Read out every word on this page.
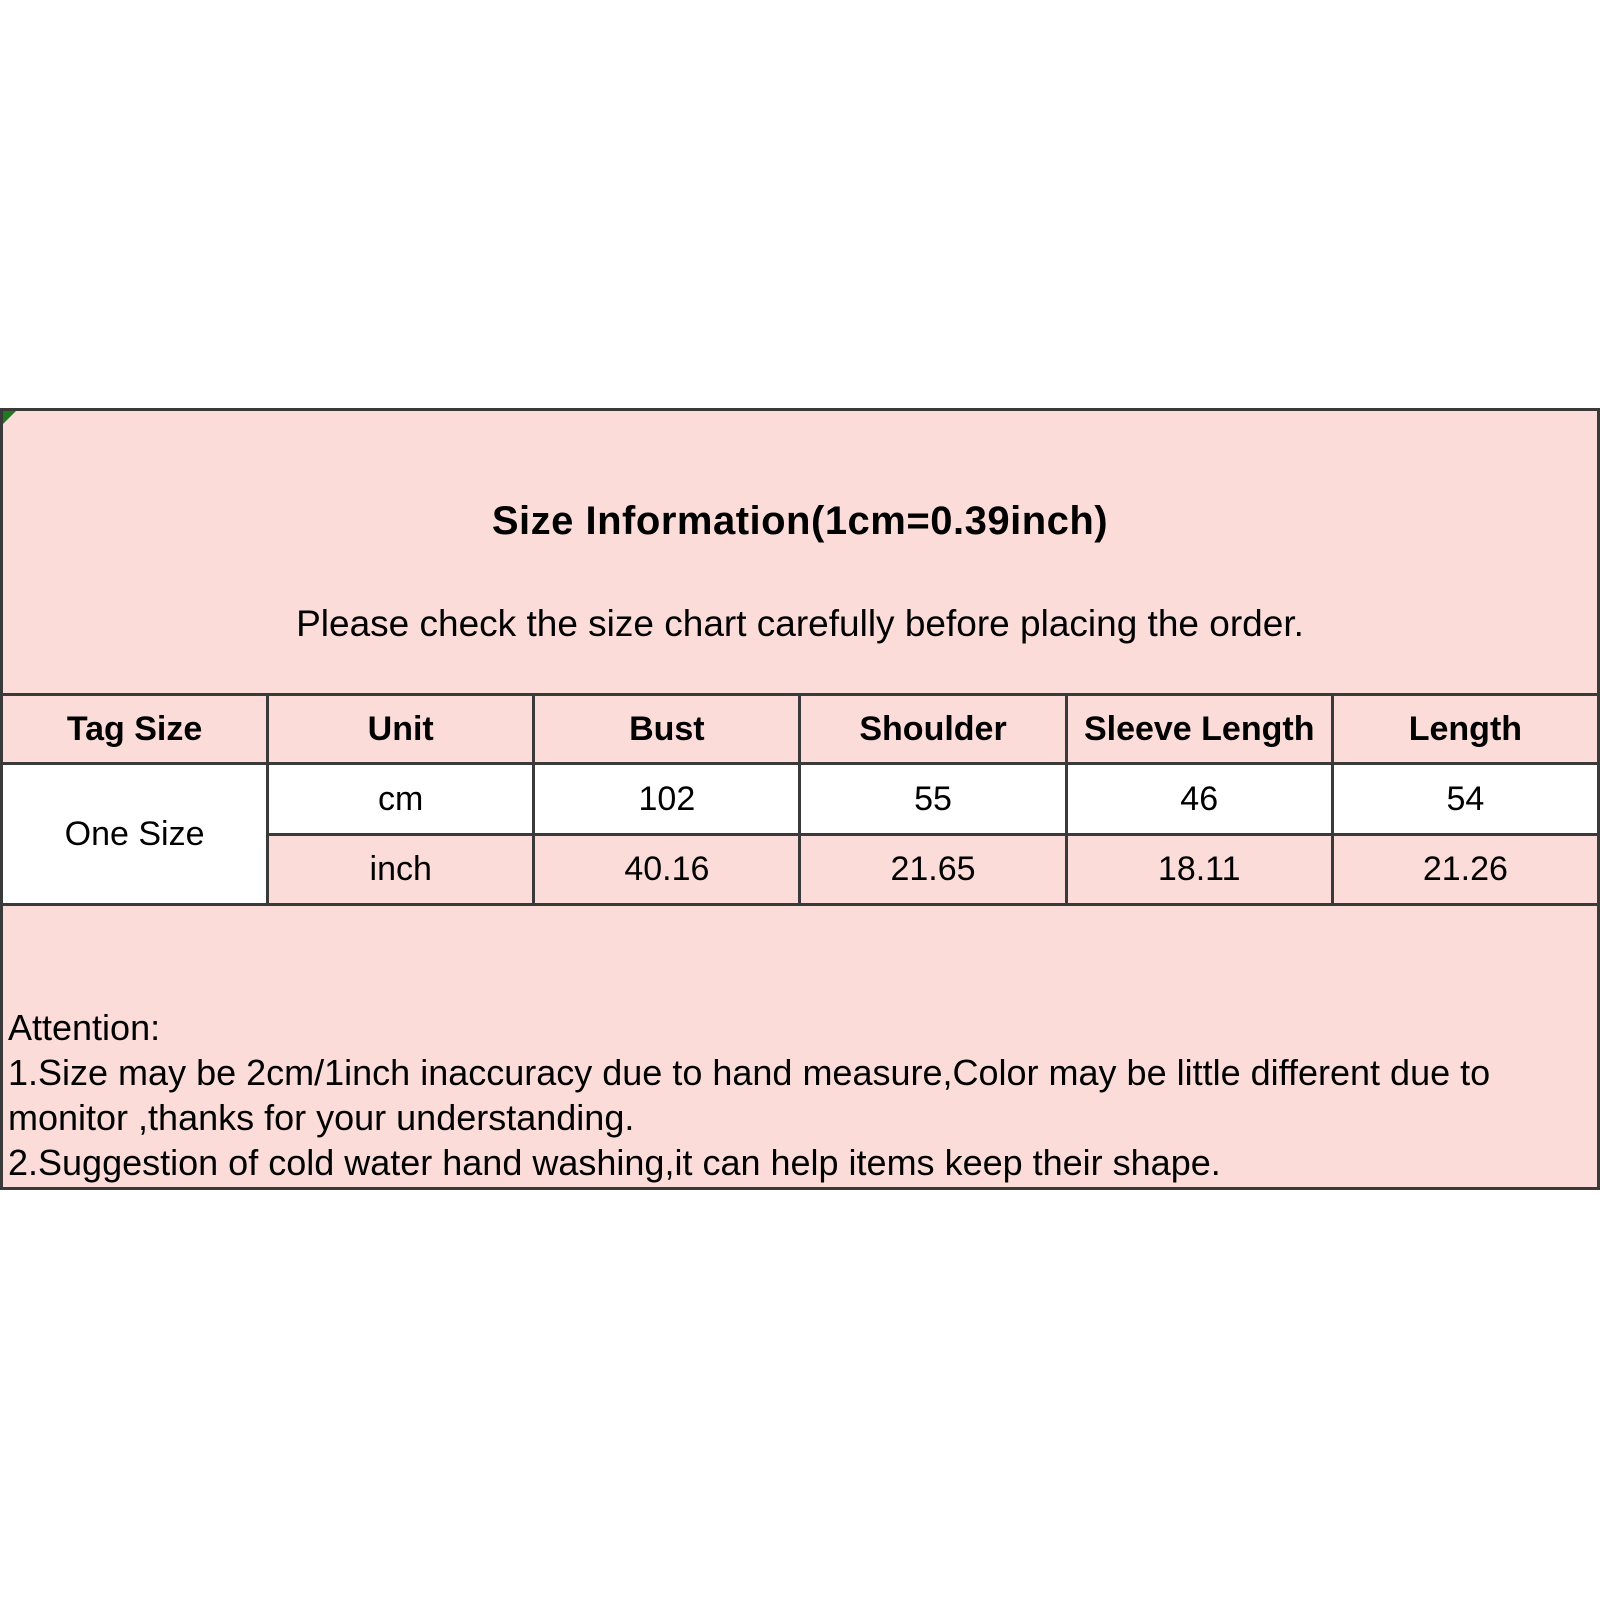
Size Information(1cm=0.39inch)
Please check the size chart carefully before placing the order.
Tag Size	Unit	Bust	Shoulder	Sleeve Length	Length
One Size	cm	102	55	46	54
	inch	40.16	21.65	18.11	21.26
Attention:
1.Size may be 2cm/1inch inaccuracy due to hand measure,Color may be little different due to
monitor ,thanks for your understanding.
2.Suggestion of cold water hand washing,it can help items keep their shape.
